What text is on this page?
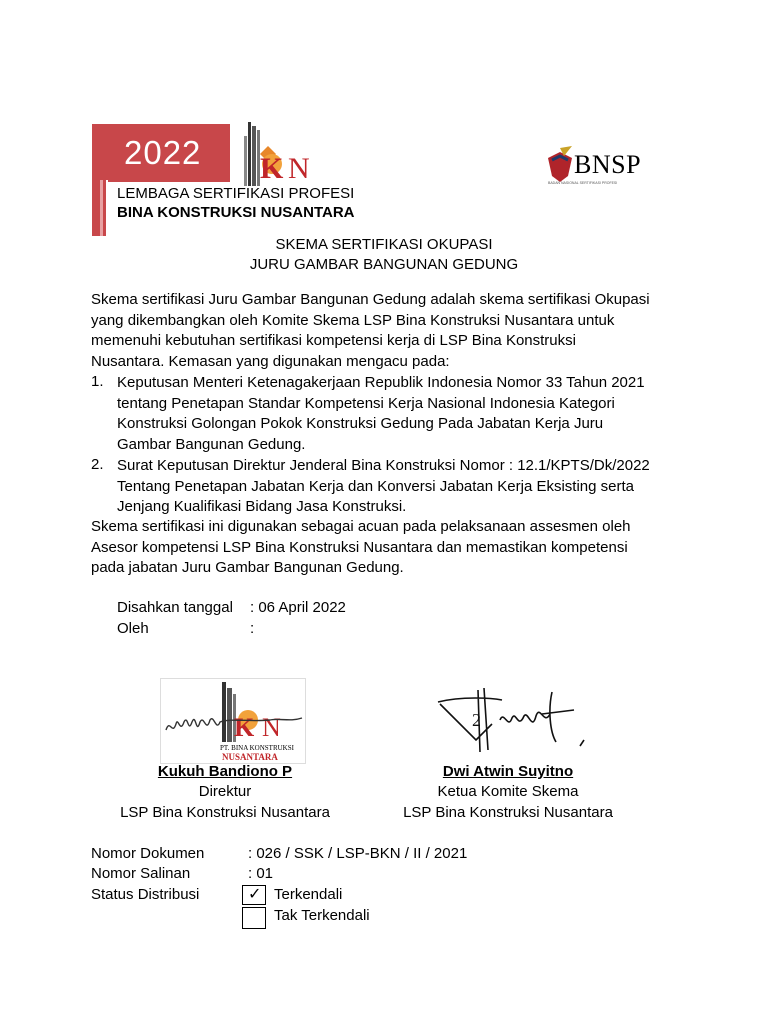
2022 K N
LEMBAGA SERTIFIKASI PROFESI
BINA KONSTRUKSI NUSANTARA
BNSP
BADAN NASIONAL SERTIFIKASI PROFESI
SKEMA SERTIFIKASI OKUPASI
JURU GAMBAR BANGUNAN GEDUNG
Skema sertifikasi Juru Gambar Bangunan Gedung adalah skema sertifikasi Okupasi
yang dikembangkan oleh Komite Skema LSP Bina Konstruksi Nusantara untuk
memenuhi kebutuhan sertifikasi kompetensi kerja di LSP Bina Konstruksi
Nusantara. Kemasan yang digunakan mengacu pada:
1. Keputusan Menteri Ketenagakerjaan Republik Indonesia Nomor 33 Tahun 2021
tentang Penetapan Standar Kompetensi Kerja Nasional Indonesia Kategori
Konstruksi Golongan Pokok Konstruksi Gedung Pada Jabatan Kerja Juru
Gambar Bangunan Gedung.
2. Surat Keputusan Direktur Jenderal Bina Konstruksi Nomor : 12.1/KPTS/Dk/2022
Tentang Penetapan Jabatan Kerja dan Konversi Jabatan Kerja Eksisting serta
Jenjang Kualifikasi Bidang Jasa Konstruksi.
Skema sertifikasi ini digunakan sebagai acuan pada pelaksanaan assesmen oleh
Asesor kompetensi LSP Bina Konstruksi Nusantara dan memastikan kompetensi
pada jabatan Juru Gambar Bangunan Gedung.
Disahkan tanggal : 06 April 2022
Oleh	:
K N
PT. BINA KONSTRUKSI
NUSANTARA
2
Kukuh Bandiono P
Direktur
LSP Bina Konstruksi Nusantara
Dwi Atwin Suyitno
Ketua Komite Skema
LSP Bina Konstruksi Nusantara
Nomor Dokumen	: 026 / SSK / LSP-BKN / II / 2021
Nomor Salinan	: 01
Status Distribusi	✓ Terkendali
Tak Terkendali
